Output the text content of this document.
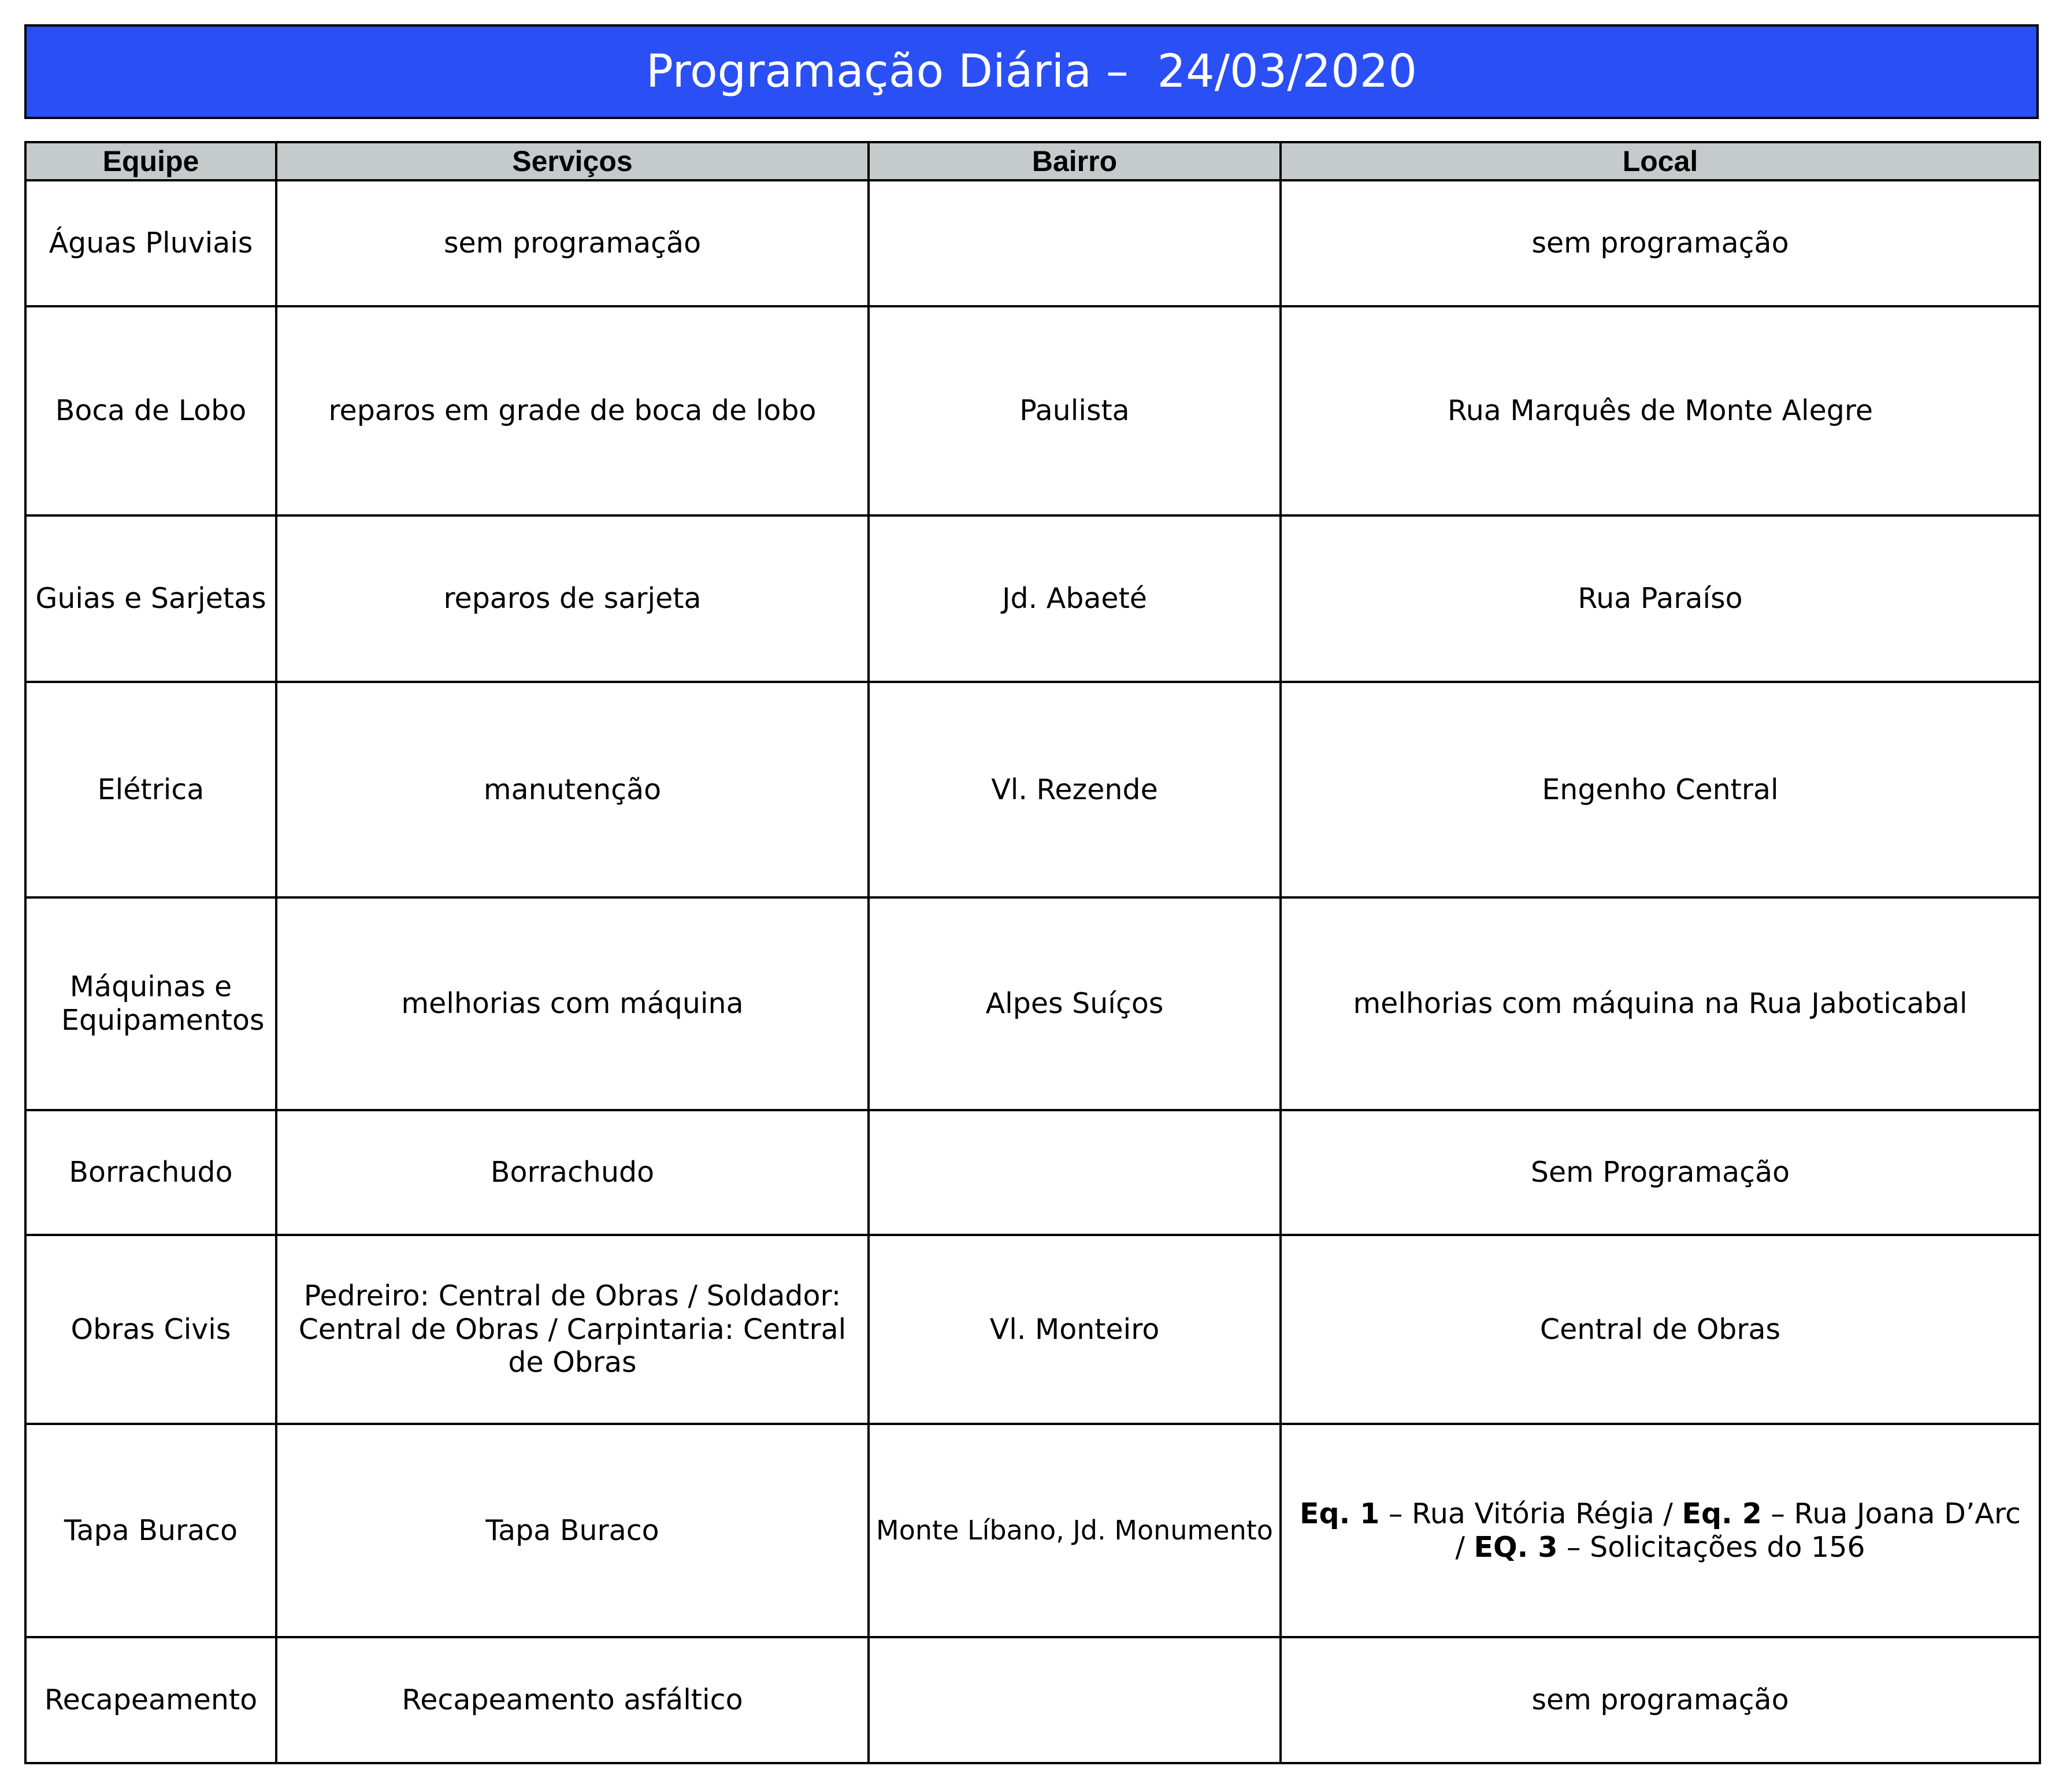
Programação Diária –  24/03/2020
Equipe	Serviços	Bairro	Local
Águas Pluviais	sem programação		sem programação
Boca de Lobo	reparos em grade de boca de lobo	Paulista	Rua Marquês de Monte Alegre
Guias e Sarjetas	reparos de sarjeta	Jd. Abaeté	Rua Paraíso
Elétrica	manutenção	Vl. Rezende	Engenho Central
Máquinas e Equipamentos	melhorias com máquina	Alpes Suíços	melhorias com máquina na Rua Jaboticabal
Borrachudo	Borrachudo		Sem Programação
Obras Civis	Pedreiro: Central de Obras / Soldador: Central de Obras / Carpintaria: Central de Obras	Vl. Monteiro	Central de Obras
Tapa Buraco	Tapa Buraco	Monte Líbano, Jd. Monumento	Eq. 1 – Rua Vitória Régia / Eq. 2 – Rua Joana D’Arc / EQ. 3 – Solicitações do 156
Recapeamento	Recapeamento asfáltico		sem programação
